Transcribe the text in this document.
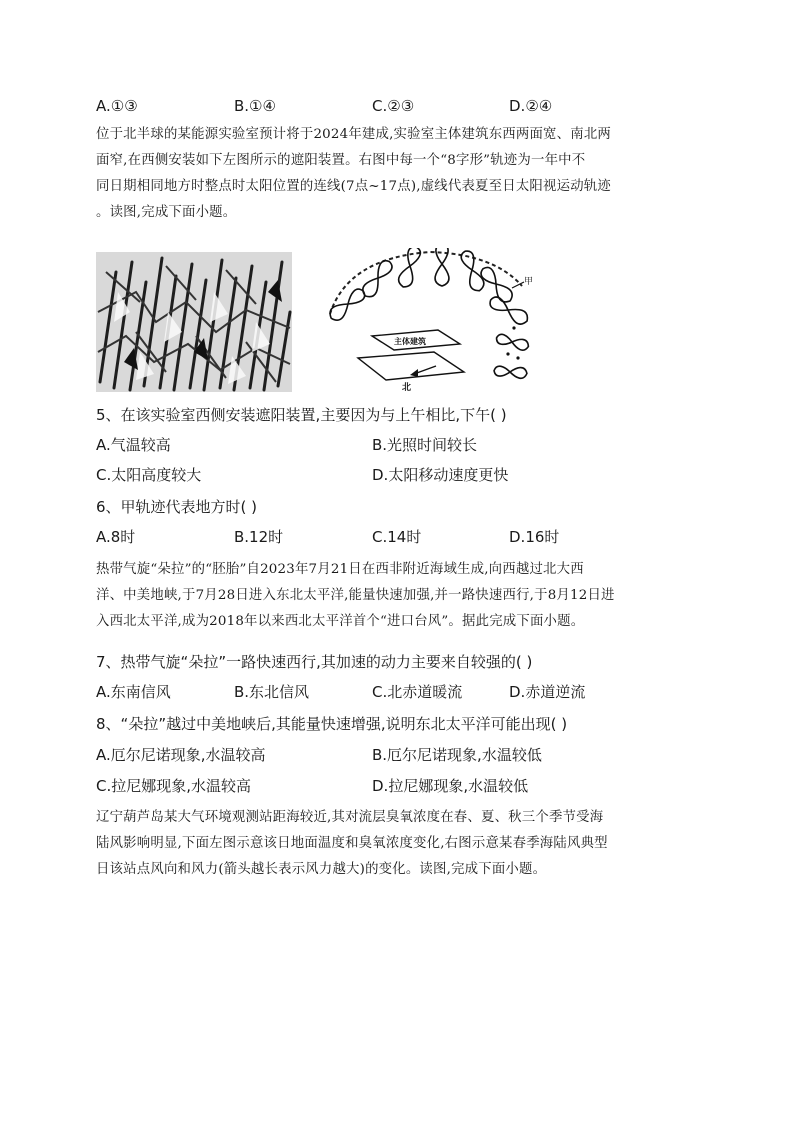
A.①③	B.①④	C.②③	D.②④
位于北半球的某能源实验室预计将于2024年建成,实验室主体建筑东西两面宽、南北两
面窄,在西侧安装如下左图所示的遮阳装置。右图中每一个“8字形”轨迹为一年中不
同日期相同地方时整点时太阳位置的连线(7点~17点),虚线代表夏至日太阳视运动轨迹
。读图,完成下面小题。
甲
主体建筑
北
5、在该实验室西侧安装遮阳装置,主要因为与上午相比,下午( )
A.气温较高	B.光照时间较长
C.太阳高度较大	D.太阳移动速度更快
6、甲轨迹代表地方时( )
A.8时	B.12时	C.14时	D.16时
热带气旋“朵拉”的“胚胎”自2023年7月21日在西非附近海域生成,向西越过北大西
洋、中美地峡,于7月28日进入东北太平洋,能量快速加强,并一路快速西行,于8月12日进
入西北太平洋,成为2018年以来西北太平洋首个“进口台风”。据此完成下面小题。
7、热带气旋“朵拉”一路快速西行,其加速的动力主要来自较强的( )
A.东南信风	B.东北信风	C.北赤道暖流	D.赤道逆流
8、“朵拉”越过中美地峡后,其能量快速增强,说明东北太平洋可能出现( )
A.厄尔尼诺现象,水温较高	B.厄尔尼诺现象,水温较低
C.拉尼娜现象,水温较高	D.拉尼娜现象,水温较低
辽宁葫芦岛某大气环境观测站距海较近,其对流层臭氧浓度在春、夏、秋三个季节受海
陆风影响明显,下面左图示意该日地面温度和臭氧浓度变化,右图示意某春季海陆风典型
日该站点风向和风力(箭头越长表示风力越大)的变化。读图,完成下面小题。
